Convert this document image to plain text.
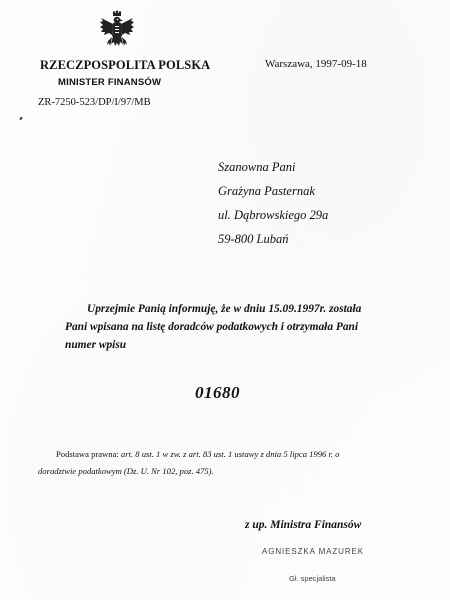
RZECZPOSPOLITA POLSKA
MINISTER FINANSÓW
ZR-7250-523/DP/I/97/MB
Warszawa, 1997-09-18
Szanowna Pani
Grażyna Pasternak
ul. Dąbrowskiego 29a
59-800 Lubań
Uprzejmie Panią informuję, że w dniu 15.09.1997r. została
Pani wpisana na listę doradców podatkowych i otrzymała Pani
numer wpisu
01680
Podstawa prawna: art. 8 ust. 1 w zw. z art. 83 ust. 1 ustawy z dnia 5 lipca 1996 r. o
doradztwie podatkowym (Dz. U. Nr 102, poz. 475).
z up. Ministra Finansów
AGNIESZKA MAZUREK
Gł. specjalista
